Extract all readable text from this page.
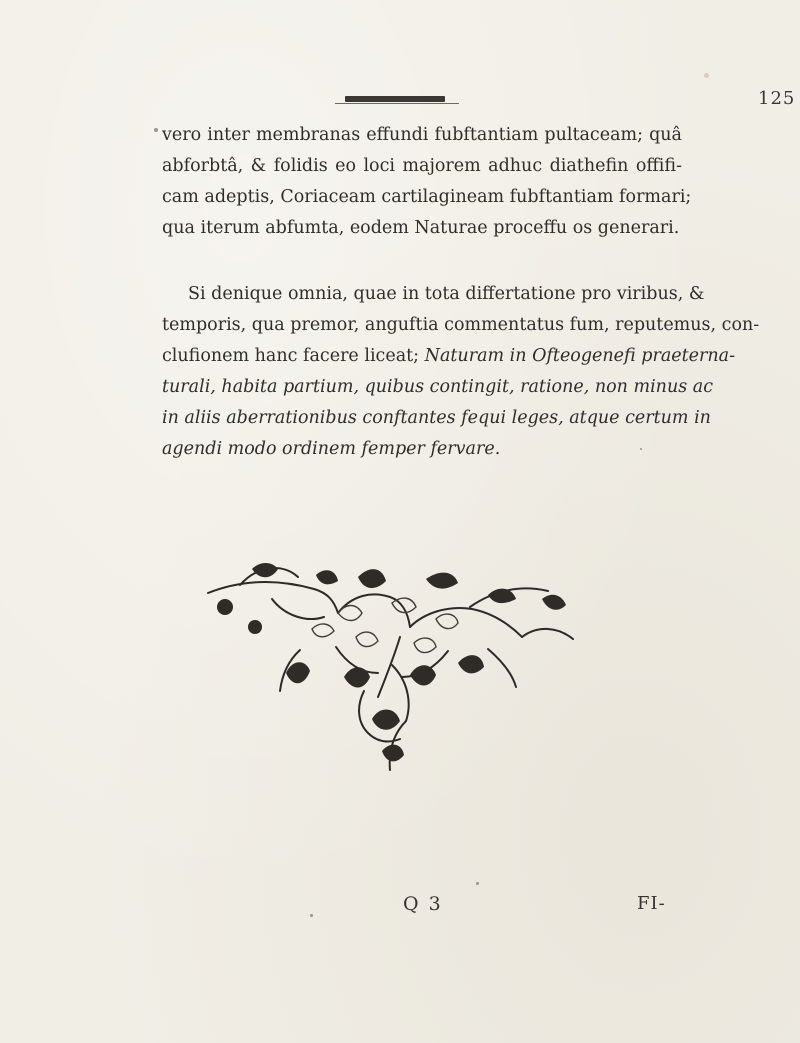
125
vero inter membranas effundi fubftantiam pultaceam; quâ
abforbtâ, & folidis eo loci majorem adhuc diathefin offifi-
cam adeptis, Coriaceam cartilagineam fubftantiam formari;
qua iterum abfumta, eodem Naturae proceffu os generari.
Si denique omnia, quae in tota differtatione pro viribus, &
temporis, qua premor, anguftia commentatus fum, reputemus, con-
clufionem hanc facere liceat; Naturam in Ofteogenefi praeterna-
turali, habita partium, quibus contingit, ratione, non minus ac
in aliis aberrationibus conftantes fequi leges, atque certum in
agendi modo ordinem femper fervare.
Q 3	FI-
